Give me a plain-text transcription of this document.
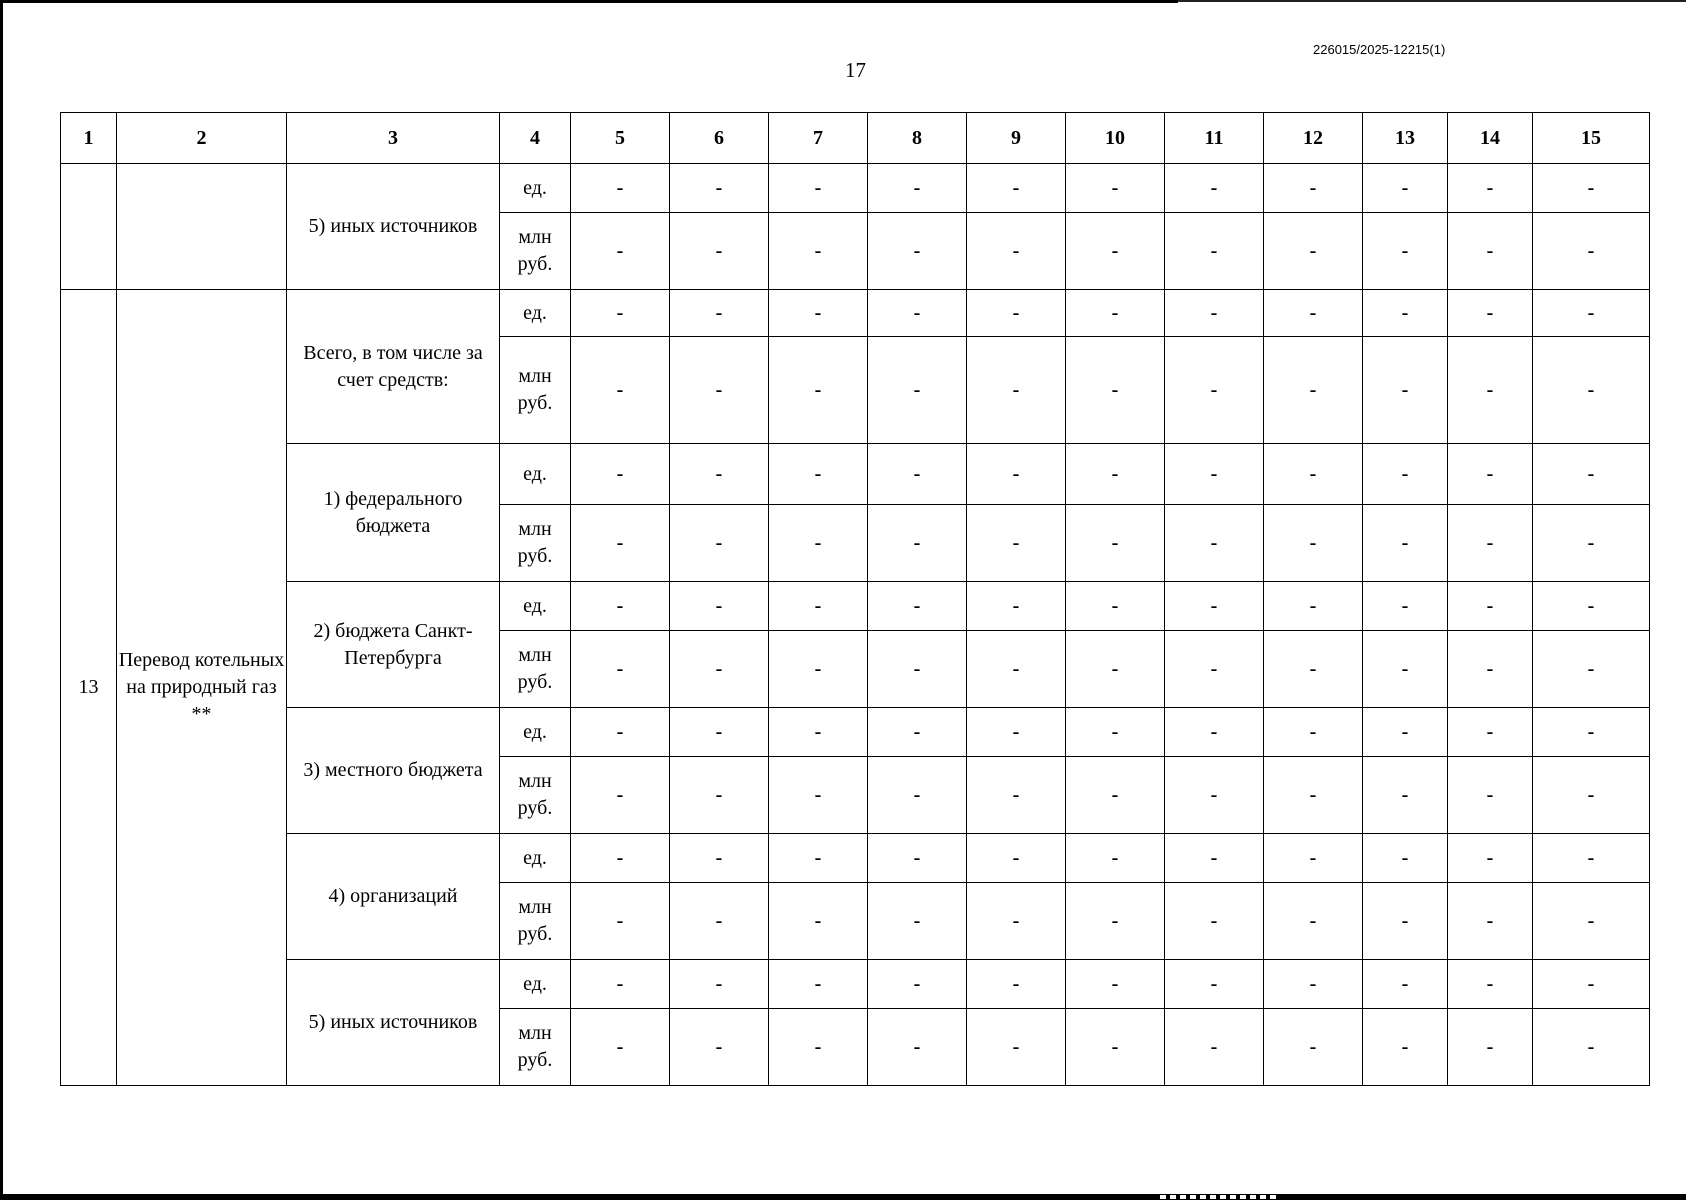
17
226015/2025-12215(1)
1	2	3	4	5	6	7	8	9	10	11	12	13	14	15
		5) иных источников	ед.	-	-	-	-	-	-	-	-	-	-	-
			млн руб.	-	-	-	-	-	-	-	-	-	-	-
13	Перевод котельных на природный газ **	Всего, в том числе за счет средств:	ед.	-	-	-	-	-	-	-	-	-	-	-
			млн руб.	-	-	-	-	-	-	-	-	-	-	-
		1) федерального бюджета	ед.	-	-	-	-	-	-	-	-	-	-	-
			млн руб.	-	-	-	-	-	-	-	-	-	-	-
		2) бюджета Санкт-Петербурга	ед.	-	-	-	-	-	-	-	-	-	-	-
			млн руб.	-	-	-	-	-	-	-	-	-	-	-
		3) местного бюджета	ед.	-	-	-	-	-	-	-	-	-	-	-
			млн руб.	-	-	-	-	-	-	-	-	-	-	-
		4) организаций	ед.	-	-	-	-	-	-	-	-	-	-	-
			млн руб.	-	-	-	-	-	-	-	-	-	-	-
		5) иных источников	ед.	-	-	-	-	-	-	-	-	-	-	-
			млн руб.	-	-	-	-	-	-	-	-	-	-	-
